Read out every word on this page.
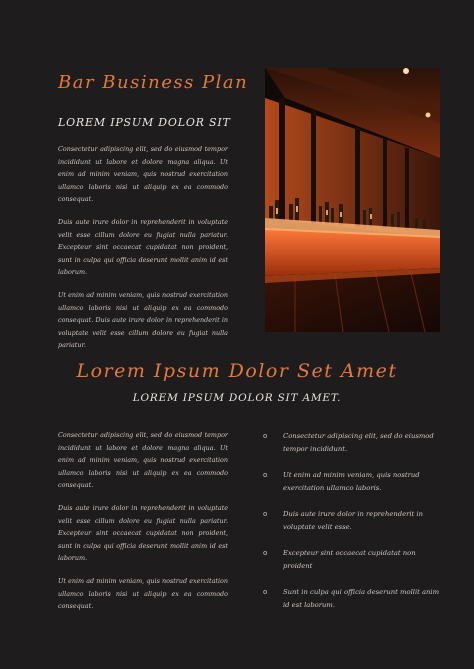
Bar Business Plan
LOREM IPSUM DOLOR SIT

Consectetur adipiscing elit, sed do eiusmod tempor incididunt ut labore et dolore magna aliqua. Ut enim ad minim veniam, quis nostrud exercitation ullamco laboris nisi ut aliquip ex ea commodo consequat.

Duis aute irure dolor in reprehenderit in voluptate velit esse cillum dolore eu fugiat nulla pariatur. Excepteur sint occaecat cupidatat non proident, sunt in culpa qui officia deserunt mollit anim id est laborum.

Ut enim ad minim veniam, quis nostrud exercitation ullamco laboris nisi ut aliquip ex ea commodo consequat. Duis aute irure dolor in reprehenderit in voluptate velit esse cillum dolore eu fugiat nulla pariatur.

Lorem Ipsum Dolor Set Amet
LOREM IPSUM DOLOR SIT AMET.

Consectetur adipiscing elit, sed do eiusmod tempor incididunt ut labore et dolore magna aliqua. Ut enim ad minim veniam, quis nostrud exercitation ullamco laboris nisi ut aliquip ex ea commodo consequat.

Duis aute irure dolor in reprehenderit in voluptate velit esse cillum dolore eu fugiat nulla pariatur. Excepteur sint occaecat cupidatat non proident, sunt in culpa qui officia deserunt mollit anim id est laborum.

Ut enim ad minim veniam, quis nostrud exercitation ullamco laboris nisi ut aliquip ex ea commodo consequat.

o Consectetur adipiscing elit, sed do eiusmod tempor incididunt.
o Ut enim ad minim veniam, quis nostrud exercitation ullamco laboris.
o Duis aute irure dolor in reprehenderit in voluptate velit esse.
o Excepteur sint occaecat cupidatat non proident
o Sunt in culpa qui officia deserunt mollit anim id est laborum.
